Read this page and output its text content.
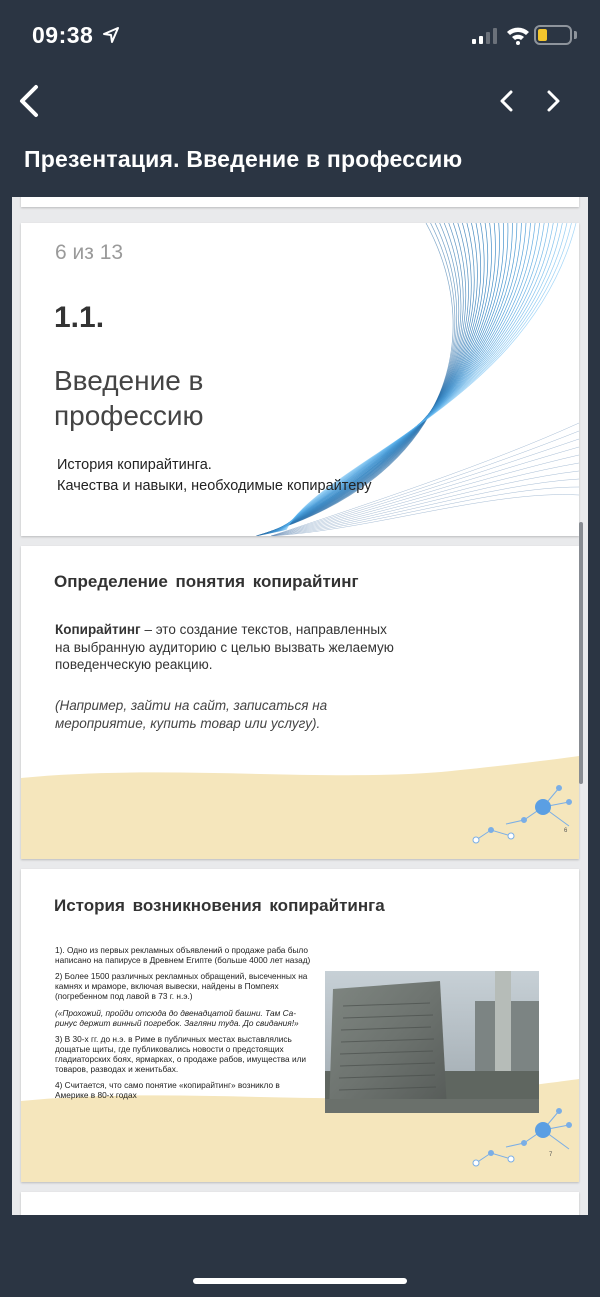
09:38
Презентация. Введение в профессию
6 из 13
1.1.
Введение в профессию
История копирайтинга.
Качества и навыки, необходимые копирайтеру
Определение понятия копирайтинг
Копирайтинг – это создание текстов, направленных на выбранную аудиторию с целью вызвать желаемую поведенческую реакцию.
(Например, зайти на сайт, записаться на мероприятие, купить товар или услугу).
6
История возникновения копирайтинга

1). Одно из первых рекламных объявлений о продаже раба было написано на папирусе в Древнем Египте (больше 4000 лет назад)

2) Более 1500 различных рекламных обращений, высеченных на камнях и мраморе, включая вывески, найдены в Помпеях (погребенном под лавой в 73 г. н.э.)

(«Прохожий, пройди отсюда до двенадцатой башни. Там Са-ринус держит винный погребок. Загляни туда. До свидания!»

3) В 30-х гг. до н.э. в Риме в публичных местах выставлялись дощатые щиты, где публиковались новости о предстоящих гладиаторских боях, ярмарках, о продаже рабов, имущества или товаров, разводах и женитьбах.

4) Считается, что само понятие «копирайтинг» возникло в Америке в 80-х годах

7
